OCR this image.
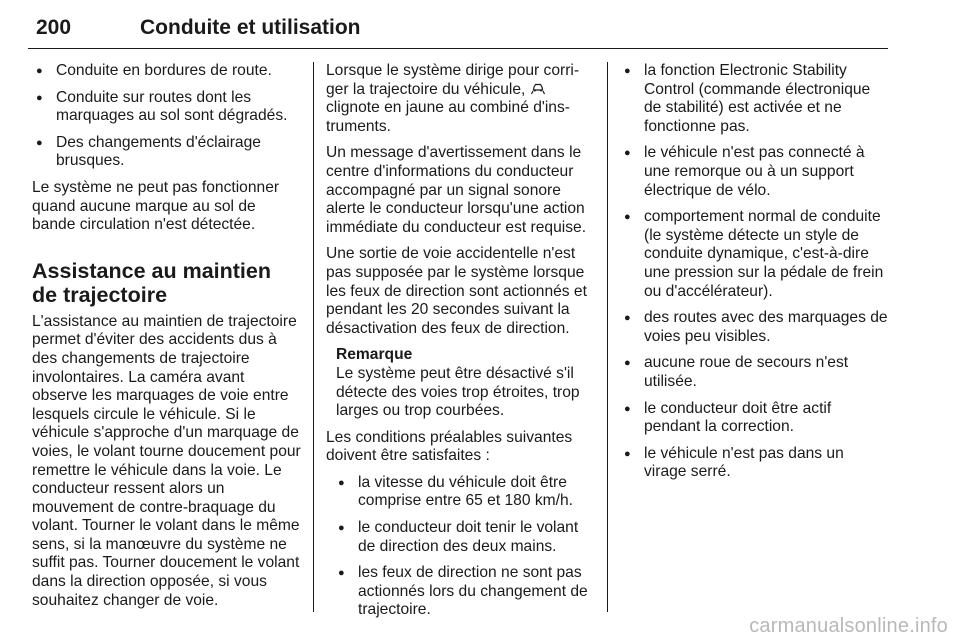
200	Conduite et utilisation
● Conduite en bordures de route.
● Conduite sur routes dont les marquages au sol sont dégradés.
● Des changements d'éclairage brusques.

Le système ne peut pas fonctionner quand aucune marque au sol de bande circulation n'est détectée.

Assistance au maintien de trajectoire

L'assistance au maintien de trajectoire permet d'éviter des accidents dus à des changements de trajectoire involontaires. La caméra avant observe les marquages de voie entre lesquels circule le véhicule. Si le véhicule s'approche d'un marquage de voies, le volant tourne doucement pour remettre le véhicule dans la voie. Le conducteur ressent alors un mouvement de contre-braquage du volant. Tourner le volant dans le même sens, si la manœuvre du système ne suffit pas. Tourner doucement le volant dans la direction opposée, si vous souhaitez changer de voie.

Lorsque le système dirige pour corriger la trajectoire du véhicule,  clignote en jaune au combiné d'instruments.

Un message d'avertissement dans le centre d'informations du conducteur accompagné par un signal sonore alerte le conducteur lorsqu'une action immédiate du conducteur est requise.

Une sortie de voie accidentelle n'est pas supposée par le système lorsque les feux de direction sont actionnés et pendant les 20 secondes suivant la désactivation des feux de direction.

Remarque
Le système peut être désactivé s'il détecte des voies trop étroites, trop larges ou trop courbées.

Les conditions préalables suivantes doivent être satisfaites :

● la vitesse du véhicule doit être comprise entre 65 et 180 km/h.
● le conducteur doit tenir le volant de direction des deux mains.
● les feux de direction ne sont pas actionnés lors du changement de trajectoire.
● la fonction Electronic Stability Control (commande électronique de stabilité) est activée et ne fonctionne pas.
● le véhicule n'est pas connecté à une remorque ou à un support électrique de vélo.
● comportement normal de conduite (le système détecte un style de conduite dynamique, c'est-à-dire une pression sur la pédale de frein ou d'accélérateur).
● des routes avec des marquages de voies peu visibles.
● aucune roue de secours n'est utilisée.
● le conducteur doit être actif pendant la correction.
● le véhicule n'est pas dans un virage serré.
carmanualsonline.info
